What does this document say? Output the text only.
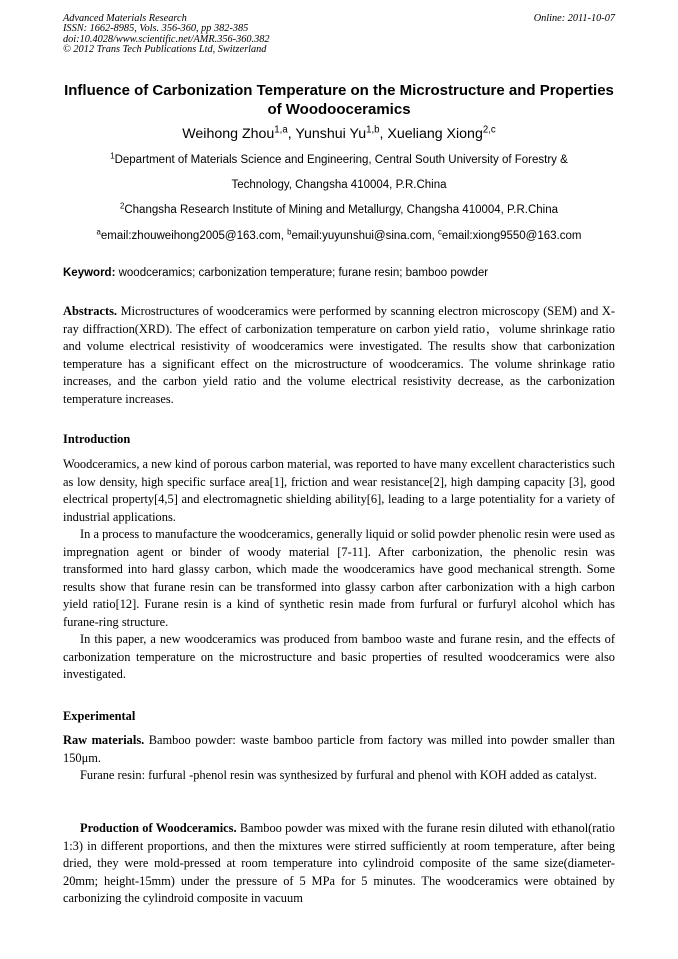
Advanced Materials Research
ISSN: 1662-8985, Vols. 356-360, pp 382-385
doi:10.4028/www.scientific.net/AMR.356-360.382
© 2012 Trans Tech Publications Ltd, Switzerland
Online: 2011-10-07
Influence of Carbonization Temperature on the Microstructure and Properties of Woodooceramics
Weihong Zhou$^{1,a}$, Yunshui Yu$^{1,b}$, Xueliang Xiong$^{2,c}$
$^1$Department of Materials Science and Engineering, Central South University of Forestry &
Technology, Changsha 410004, P.R.China
$^2$Changsha Research Institute of Mining and Metallurgy, Changsha 410004, P.R.China
$^a$email:zhouweihong2005@163.com, $^b$email:yuyunshui@sina.com, $^c$email:xiong9550@163.com
Keyword: woodceramics; carbonization temperature; furane resin; bamboo powder
Abstracts. Microstructures of woodceramics were performed by scanning electron microscopy (SEM) and X-ray diffraction(XRD). The effect of carbonization temperature on carbon yield ratio，volume shrinkage ratio and volume electrical resistivity of woodceramics were investigated. The results show that carbonization temperature has a significant effect on the microstructure of woodceramics. The volume shrinkage ratio increases, and the carbon yield ratio and the volume electrical resistivity decrease, as the carbonization temperature increases.
Introduction
Woodceramics, a new kind of porous carbon material, was reported to have many excellent characteristics such as low density, high specific surface area[1], friction and wear resistance[2], high damping capacity [3], good electrical property[4,5] and electromagnetic shielding ability[6], leading to a large potentiality for a variety of industrial applications.
In a process to manufacture the woodceramics, generally liquid or solid powder phenolic resin were used as impregnation agent or binder of woody material [7-11]. After carbonization, the phenolic resin was transformed into hard glassy carbon, which made the woodceramics have good mechanical strength. Some results show that furane resin can be transformed into glassy carbon after carbonization with a high carbon yield ratio[12]. Furane resin is a kind of synthetic resin made from furfural or furfuryl alcohol which has furane-ring structure.
In this paper, a new woodceramics was produced from bamboo waste and furane resin, and the effects of carbonization temperature on the microstructure and basic properties of resulted woodceramics were also investigated.
Experimental
Raw materials. Bamboo powder: waste bamboo particle from factory was milled into powder smaller than 150μm.
Furane resin: furfural -phenol resin was synthesized by furfural and phenol with KOH added as catalyst.
Production of Woodceramics. Bamboo powder was mixed with the furane resin diluted with ethanol(ratio 1:3) in different proportions, and then the mixtures were stirred sufficiently at room temperature, after being dried, they were mold-pressed at room temperature into cylindroid composite of the same size(diameter-20mm; height-15mm) under the pressure of 5 MPa for 5 minutes. The woodceramics were obtained by carbonizing the cylindroid composite in vacuum
